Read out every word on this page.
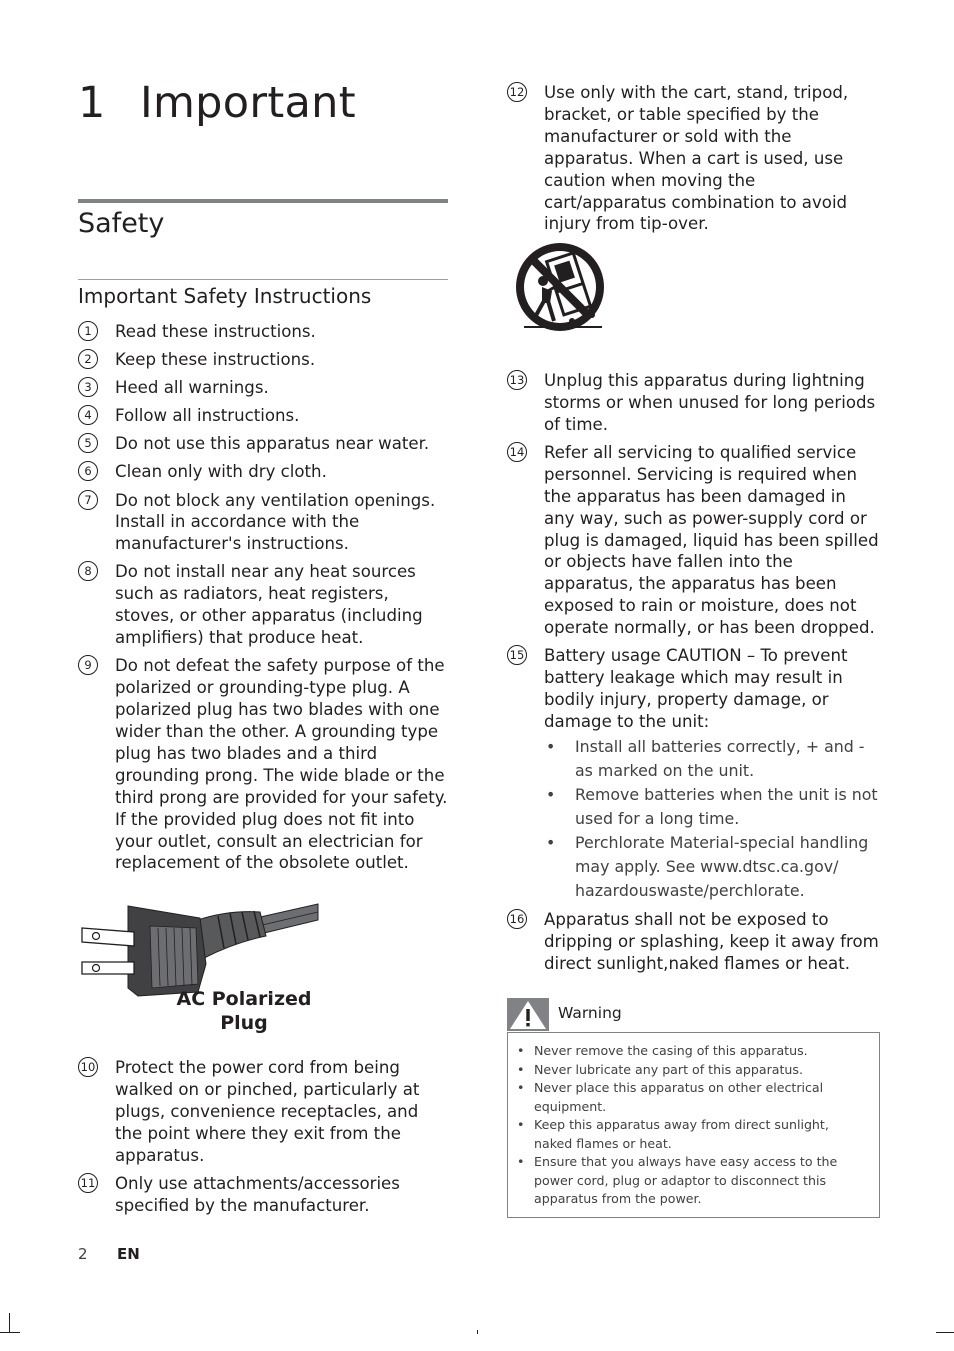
1 Important
Safety
Important Safety Instructions
1	Read these instructions.
2	Keep these instructions.
3	Heed all warnings.
4	Follow all instructions.
5	Do not use this apparatus near water.
6	Clean only with dry cloth.
7	Do not block any ventilation openings. Install in accordance with the manufacturer's instructions.
8	Do not install near any heat sources such as radiators, heat registers, stoves, or other apparatus (including amplifiers) that produce heat.
9	Do not defeat the safety purpose of the polarized or grounding-type plug. A polarized plug has two blades with one wider than the other. A grounding type plug has two blades and a third grounding prong. The wide blade or the third prong are provided for your safety. If the provided plug does not fit into your outlet, consult an electrician for replacement of the obsolete outlet.
AC Polarized
Plug
10 Protect the power cord from being walked on or pinched, particularly at plugs, convenience receptacles, and the point where they exit from the apparatus.
11 Only use attachments/accessories specified by the manufacturer.
12 Use only with the cart, stand, tripod, bracket, or table specified by the manufacturer or sold with the apparatus. When a cart is used, use caution when moving the cart/apparatus combination to avoid injury from tip-over.
13 Unplug this apparatus during lightning storms or when unused for long periods of time.
14 Refer all servicing to qualified service personnel. Servicing is required when the apparatus has been damaged in any way, such as power-supply cord or plug is damaged, liquid has been spilled or objects have fallen into the apparatus, the apparatus has been exposed to rain or moisture, does not operate normally, or has been dropped.
15 Battery usage CAUTION – To prevent battery leakage which may result in bodily injury, property damage, or damage to the unit:
• Install all batteries correctly, + and - as marked on the unit.
• Remove batteries when the unit is not used for a long time.
• Perchlorate Material-special handling may apply. See www.dtsc.ca.gov/ hazardouswaste/perchlorate.
16 Apparatus shall not be exposed to dripping or splashing, keep it away from direct sunlight,naked flames or heat.
Warning
• Never remove the casing of this apparatus.
• Never lubricate any part of this apparatus.
• Never place this apparatus on other electrical equipment.
• Keep this apparatus away from direct sunlight, naked flames or heat.
• Ensure that you always have easy access to the power cord, plug or adaptor to disconnect this apparatus from the power.
2 EN
